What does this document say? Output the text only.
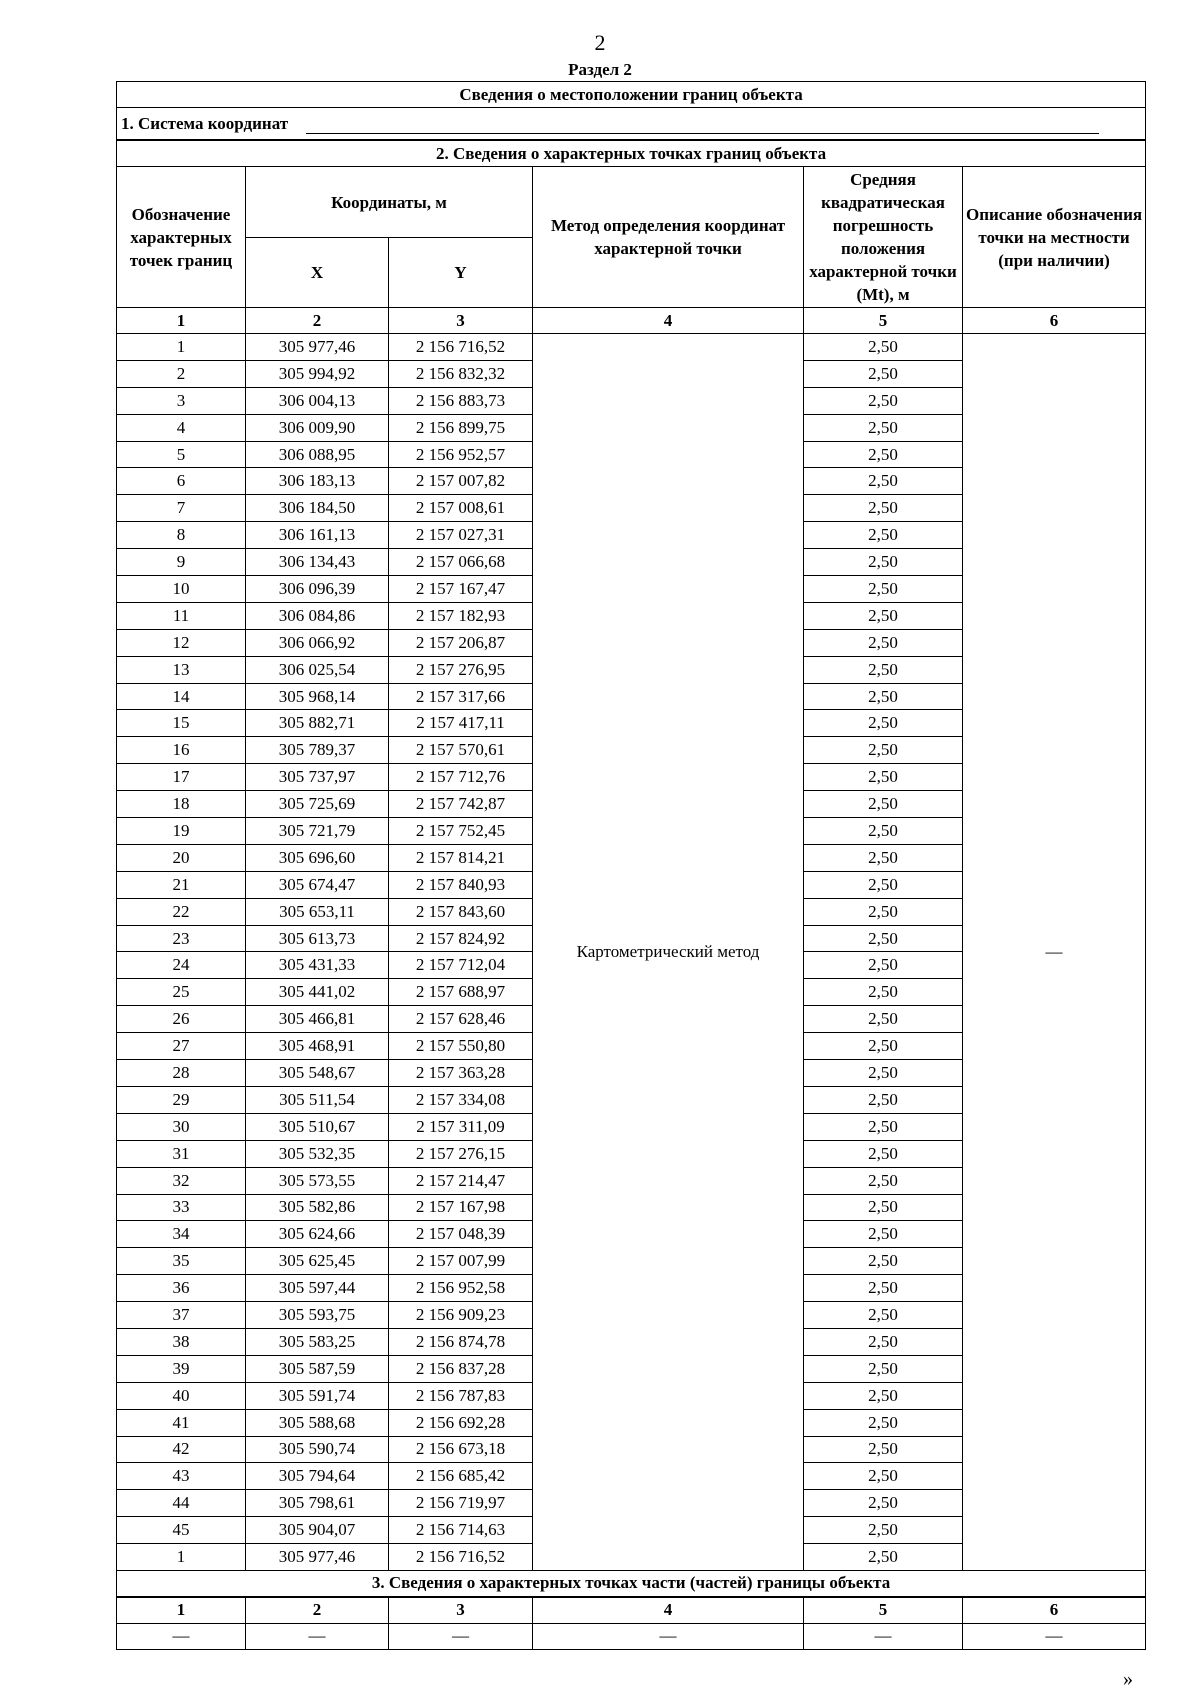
2
Раздел 2
Сведения о местоположении границ объекта					
1. Система координат					
2. Сведения о характерных точках границ объекта					
Обозначение характерных точек границ	Координаты, м		Метод определения координат характерной точки	Средняя квадратическая погрешность положения характерной точки (Mt), м	Описание обозначения точки на местности (при наличии)
	X	Y			
1	2	3	4	5	6
1	305 977,46	2 156 716,52	Картометрический метод	2,50	—
2	305 994,92	2 156 832,32		2,50	
3	306 004,13	2 156 883,73		2,50	
4	306 009,90	2 156 899,75		2,50	
5	306 088,95	2 156 952,57		2,50	
6	306 183,13	2 157 007,82		2,50	
7	306 184,50	2 157 008,61		2,50	
8	306 161,13	2 157 027,31		2,50	
9	306 134,43	2 157 066,68		2,50	
10	306 096,39	2 157 167,47		2,50	
11	306 084,86	2 157 182,93		2,50	
12	306 066,92	2 157 206,87		2,50	
13	306 025,54	2 157 276,95		2,50	
14	305 968,14	2 157 317,66		2,50	
15	305 882,71	2 157 417,11		2,50	
16	305 789,37	2 157 570,61		2,50	
17	305 737,97	2 157 712,76		2,50	
18	305 725,69	2 157 742,87		2,50	
19	305 721,79	2 157 752,45		2,50	
20	305 696,60	2 157 814,21		2,50	
21	305 674,47	2 157 840,93		2,50	
22	305 653,11	2 157 843,60		2,50	
23	305 613,73	2 157 824,92		2,50	
24	305 431,33	2 157 712,04		2,50	
25	305 441,02	2 157 688,97		2,50	
26	305 466,81	2 157 628,46		2,50	
27	305 468,91	2 157 550,80		2,50	
28	305 548,67	2 157 363,28		2,50	
29	305 511,54	2 157 334,08		2,50	
30	305 510,67	2 157 311,09		2,50	
31	305 532,35	2 157 276,15		2,50	
32	305 573,55	2 157 214,47		2,50	
33	305 582,86	2 157 167,98		2,50	
34	305 624,66	2 157 048,39		2,50	
35	305 625,45	2 157 007,99		2,50	
36	305 597,44	2 156 952,58		2,50	
37	305 593,75	2 156 909,23		2,50	
38	305 583,25	2 156 874,78		2,50	
39	305 587,59	2 156 837,28		2,50	
40	305 591,74	2 156 787,83		2,50	
41	305 588,68	2 156 692,28		2,50	
42	305 590,74	2 156 673,18		2,50	
43	305 794,64	2 156 685,42		2,50	
44	305 798,61	2 156 719,97		2,50	
45	305 904,07	2 156 714,63		2,50	
1	305 977,46	2 156 716,52		2,50	
3. Сведения о характерных точках части (частей) границы объекта					
1	2	3	4	5	6
—	—	—	—	—	—
»
